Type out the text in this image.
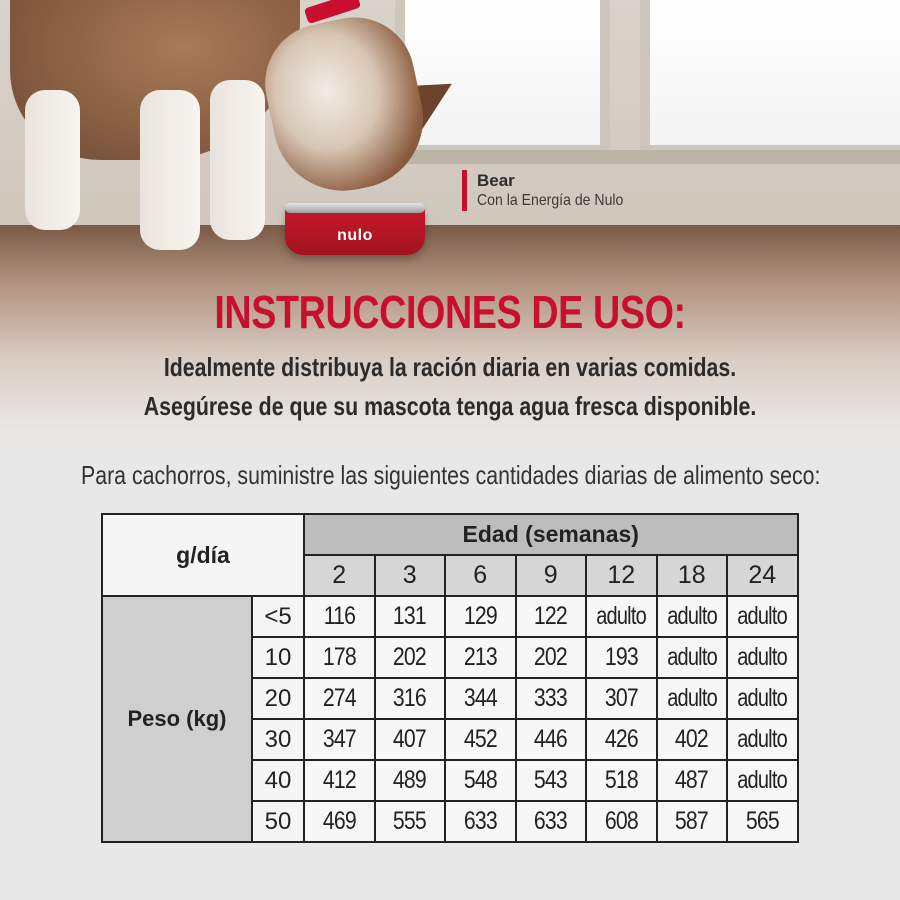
nulo
Bear
Con la Energía de Nulo
INSTRUCCIONES DE USO:
Idealmente distribuya la ración diaria en varias comidas.
Asegúrese de que su mascota tenga agua fresca disponible.
Para cachorros, suministre las siguientes cantidades diarias de alimento seco:
g/día		Edad (semanas)						
		2	3	6	9	12	18	24
Peso (kg)	<5	116	131	129	122	adulto	adulto	adulto
	10	178	202	213	202	193	adulto	adulto
	20	274	316	344	333	307	adulto	adulto
	30	347	407	452	446	426	402	adulto
	40	412	489	548	543	518	487	adulto
	50	469	555	633	633	608	587	565
